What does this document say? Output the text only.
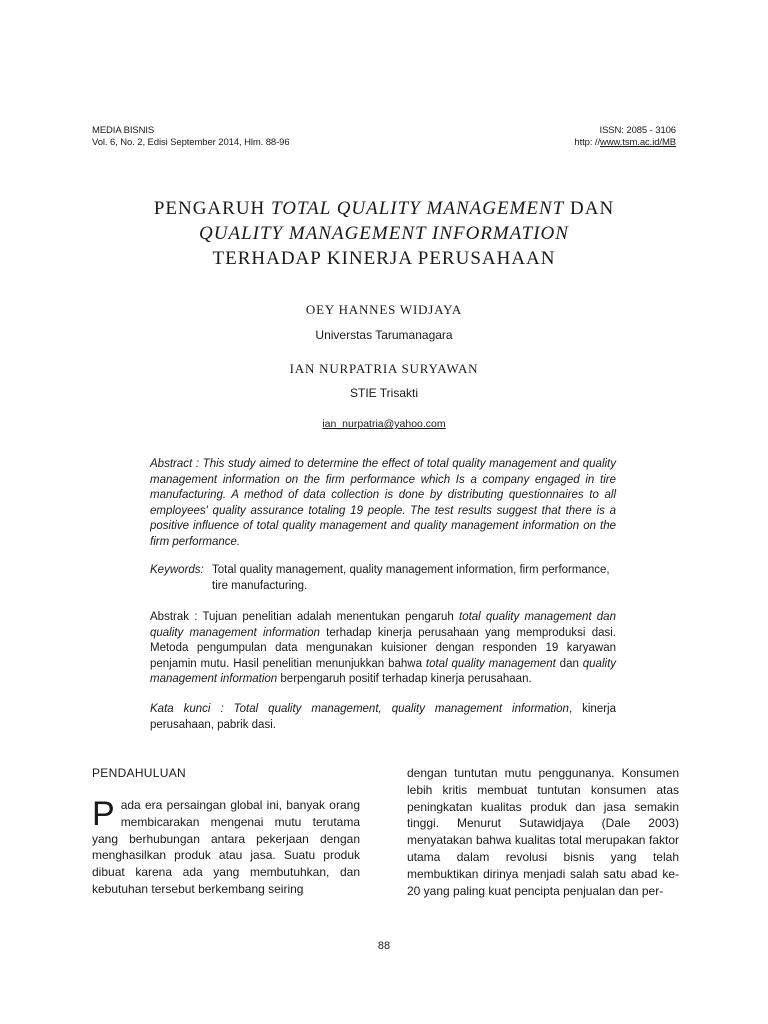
MEDIA BISNIS
Vol. 6, No. 2, Edisi September 2014, Hlm. 88-96
ISSN: 2085 - 3106
http: //www.tsm.ac.id/MB
PENGARUH TOTAL QUALITY MANAGEMENT DAN
QUALITY MANAGEMENT INFORMATION
TERHADAP KINERJA PERUSAHAAN
OEY HANNES WIDJAYA
Universtas Tarumanagara
IAN NURPATRIA SURYAWAN
STIE Trisakti
ian_nurpatria@yahoo.com
Abstract : This study aimed to determine the effect of total quality management and quality management information on the firm performance which Is a company engaged in tire manufacturing. A method of data collection is done by distributing questionnaires to all employees' quality assurance totaling 19 people. The test results suggest that there is a positive influence of total quality management and quality management information on the firm performance.
Keywords: Total quality management, quality management information, firm performance, tire manufacturing.
Abstrak : Tujuan penelitian adalah menentukan pengaruh total quality management dan quality management information terhadap kinerja perusahaan yang memproduksi dasi. Metoda pengumpulan data mengunakan kuisioner dengan responden 19 karyawan penjamin mutu. Hasil penelitian menunjukkan bahwa total quality management dan quality management information berpengaruh positif terhadap kinerja perusahaan.
Kata kunci : Total quality management, quality management information, kinerja perusahaan, pabrik dasi.
PENDAHULUAN
Pada era persaingan global ini, banyak orang membicarakan mengenai mutu terutama yang berhubungan antara pekerjaan dengan menghasilkan produk atau jasa. Suatu produk dibuat karena ada yang membutuhkan, dan kebutuhan tersebut berkembang seiring
dengan tuntutan mutu penggunanya. Konsumen lebih kritis membuat tuntutan konsumen atas peningkatan kualitas produk dan jasa semakin tinggi. Menurut Sutawidjaya (Dale 2003) menyatakan bahwa kualitas total merupakan faktor utama dalam revolusi bisnis yang telah membuktikan dirinya menjadi salah satu abad ke-20 yang paling kuat pencipta penjualan dan per-
88
